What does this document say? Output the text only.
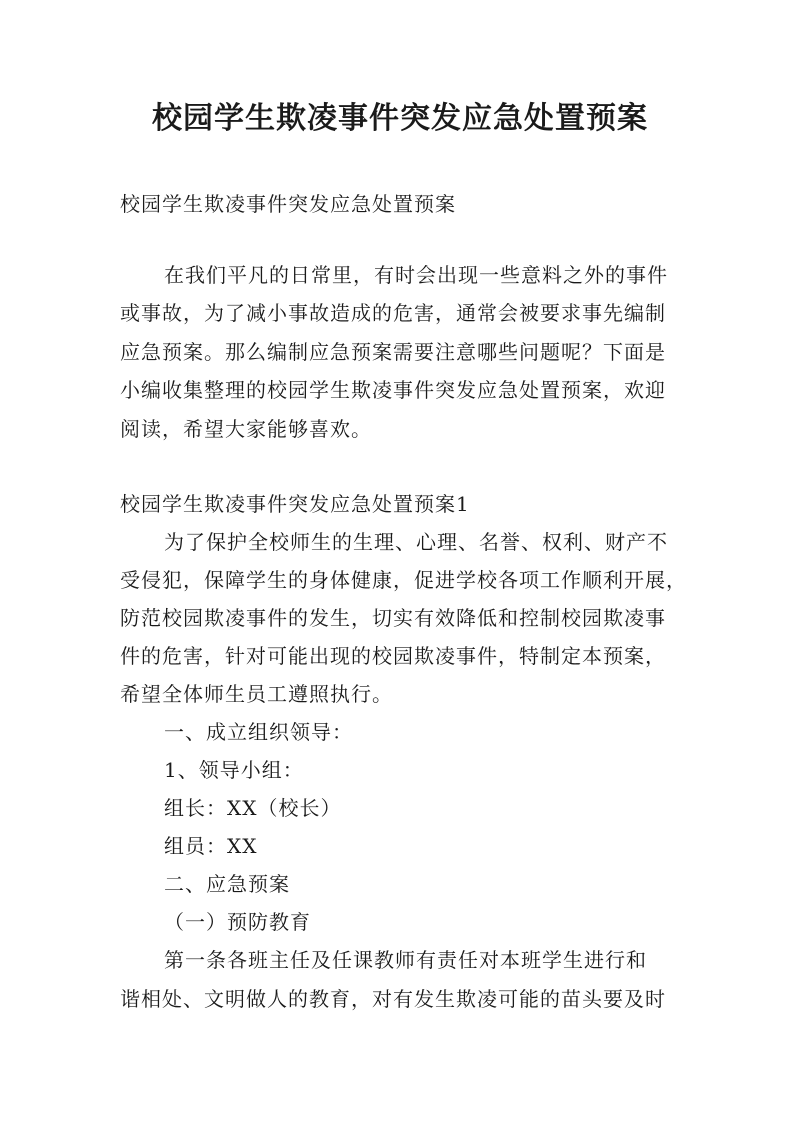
校园学生欺凌事件突发应急处置预案
校园学生欺凌事件突发应急处置预案
在我们平凡的日常里，有时会出现一些意料之外的事件
或事故，为了减小事故造成的危害，通常会被要求事先编制
应急预案。那么编制应急预案需要注意哪些问题呢？下面是
小编收集整理的校园学生欺凌事件突发应急处置预案，欢迎
阅读，希望大家能够喜欢。
校园学生欺凌事件突发应急处置预案1
为了保护全校师生的生理、心理、名誉、权利、财产不
受侵犯，保障学生的身体健康，促进学校各项工作顺利开展，
防范校园欺凌事件的发生，切实有效降低和控制校园欺凌事
件的危害，针对可能出现的校园欺凌事件，特制定本预案，
希望全体师生员工遵照执行。
一、成立组织领导：
1、领导小组：
组长：XX（校长）
组员：XX
二、应急预案
（一）预防教育
第一条各班主任及任课教师有责任对本班学生进行和
谐相处、文明做人的教育，对有发生欺凌可能的苗头要及时
